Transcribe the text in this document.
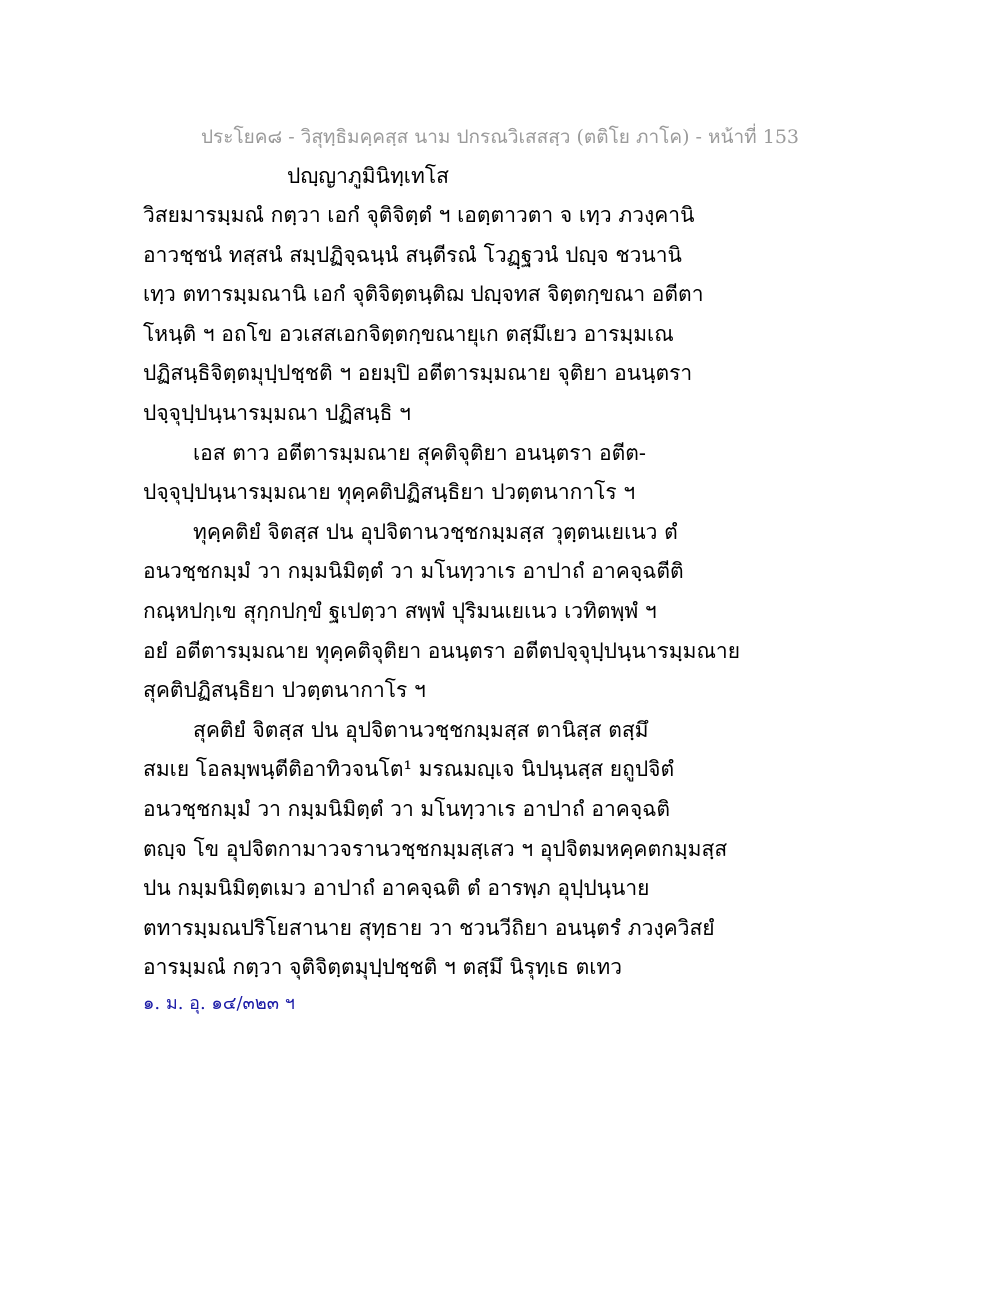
ประโยค๘ - วิสุทฺธิมคฺคสฺส นาม ปกรณวิเสสสฺว (ตติโย ภาโค) - หน้าที่ 153
ปญฺญาภูมินิทฺเทโส
วิสยมารมฺมณํ กตฺวา เอกํ จุติจิตฺตํ ฯ เอตฺตาวตา จ เทฺว ภวงฺคานิ
อาวชฺชนํ ทสฺสนํ สมฺปฏิจฺฉนฺนํ สนฺตีรณํ โวฏฺฐวนํ ปญฺจ ชวนานิ
เทฺว ตทารมฺมณานิ เอกํ จุติจิตฺตนฺติฌ ปญฺจทส จิตฺตกฺขณา อตีตา
โหนฺติ ฯ อถโข อวเสสเอกจิตฺตกฺขณายุเก ตสฺมึเยว อารมฺมเณ
ปฏิสนฺธิจิตฺตมุปฺปชฺชติ ฯ อยมฺปิ อตีตารมฺมณาย จุติยา อนนฺตรา
ปจฺจุปฺปนฺนารมฺมณา ปฏิสนฺธิ ฯ
เอส ตาว อตีตารมฺมณาย สุคติจุติยา อนนฺตรา อตีต-
ปจฺจุปฺปนฺนารมฺมณาย ทุคฺคติปฏิสนฺธิยา ปวตฺตนากาโร ฯ
ทุคฺคติยํ จิตสฺส ปน อุปจิตานวชฺชกมฺมสฺส วุตฺตนเยเนว ตํ
อนวชฺชกมฺมํ วา กมฺมนิมิตฺตํ วา มโนทฺวาเร อาปาถํ อาคจฺฉตีติ
กณฺหปกฺเข สุกฺกปกฺขํ ฐเปตฺวา สพฺพํ ปุริมนเยเนว เวทิตพฺพํ ฯ
อยํ อตีตารมฺมณาย ทุคฺคติจุติยา อนนฺตรา อตีตปจฺจุปฺปนฺนารมฺมณาย
สุคติปฏิสนฺธิยา ปวตฺตนากาโร ฯ
สุคติยํ จิตสฺส ปน อุปจิตานวชฺชกมฺมสฺส ตานิสฺส ตสฺมึ
สมเย โอลมฺพนฺตีติอาทิวจนโต¹ มรณมญฺเจ นิปนฺนสฺส ยถูปจิตํ
อนวชฺชกมฺมํ วา กมฺมนิมิตฺตํ วา มโนทฺวาเร อาปาถํ อาคจฺฉติ
ตญฺจ โข อุปจิตกามาวจรานวชฺชกมฺมสฺเสว ฯ อุปจิตมหคฺคตกมฺมสฺส
ปน กมฺมนิมิตฺตเมว อาปาถํ อาคจฺฉติ ตํ อารพฺภ อุปฺปนฺนาย
ตทารมฺมณปริโยสานาย สุทฺธาย วา ชวนวีถิยา อนนฺตรํ ภวงฺควิสยํ
อารมฺมณํ กตฺวา จุติจิตฺตมุปฺปชฺชติ ฯ ตสฺมึ นิรุทฺเธ ตเทว
๑. ม. อุ. ๑๔/๓๒๓ ฯ
